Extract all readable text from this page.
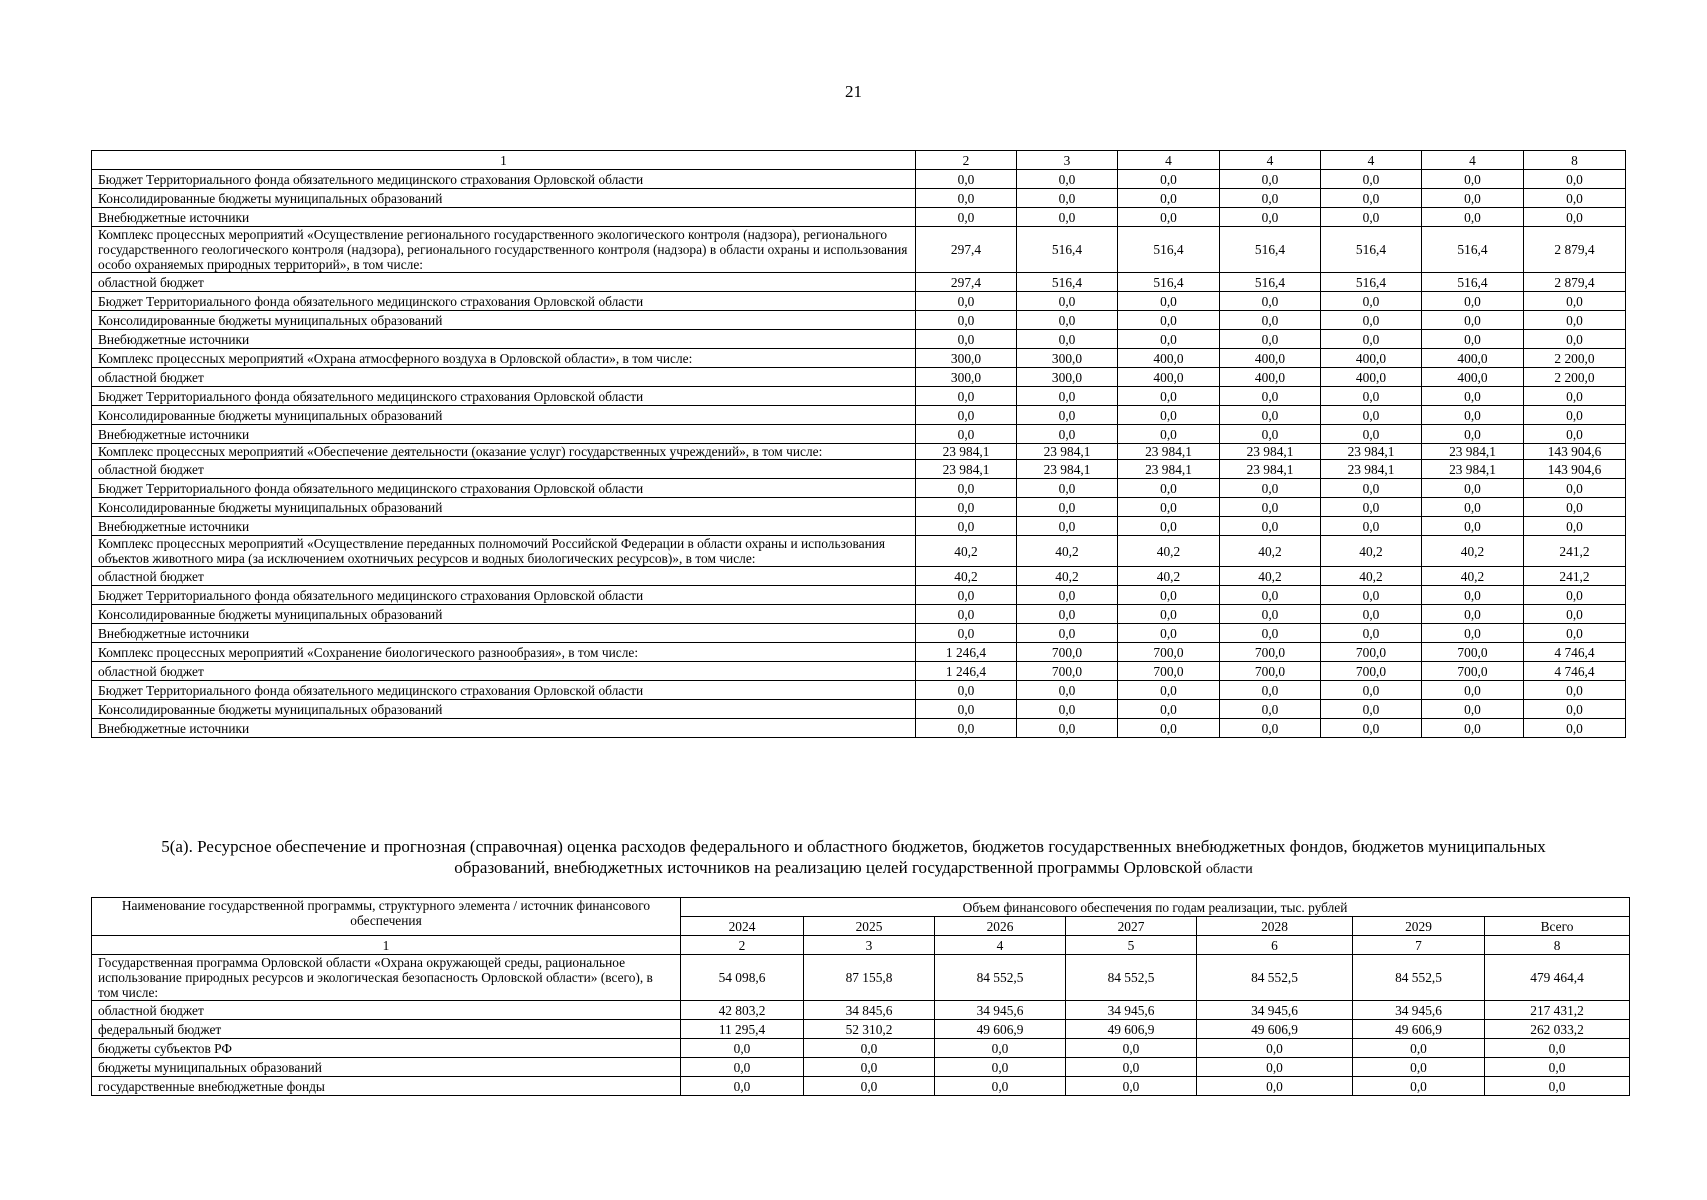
21
1	2	3	4	4	4	4	8
Бюджет Территориального фонда обязательного медицинского страхования Орловской области	0,0	0,0	0,0	0,0	0,0	0,0	0,0
Консолидированные бюджеты муниципальных образований	0,0	0,0	0,0	0,0	0,0	0,0	0,0
Внебюджетные источники	0,0	0,0	0,0	0,0	0,0	0,0	0,0
Комплекс процессных мероприятий «Осуществление регионального государственного экологического контроля (надзора), регионального государственного геологического контроля (надзора), регионального государственного контроля (надзора) в области охраны и использования особо охраняемых природных территорий», в том числе:	297,4	516,4	516,4	516,4	516,4	516,4	2 879,4
областной бюджет	297,4	516,4	516,4	516,4	516,4	516,4	2 879,4
Бюджет Территориального фонда обязательного медицинского страхования Орловской области	0,0	0,0	0,0	0,0	0,0	0,0	0,0
Консолидированные бюджеты муниципальных образований	0,0	0,0	0,0	0,0	0,0	0,0	0,0
Внебюджетные источники	0,0	0,0	0,0	0,0	0,0	0,0	0,0
Комплекс процессных мероприятий «Охрана атмосферного воздуха в Орловской области», в том числе:	300,0	300,0	400,0	400,0	400,0	400,0	2 200,0
областной бюджет	300,0	300,0	400,0	400,0	400,0	400,0	2 200,0
Бюджет Территориального фонда обязательного медицинского страхования Орловской области	0,0	0,0	0,0	0,0	0,0	0,0	0,0
Консолидированные бюджеты муниципальных образований	0,0	0,0	0,0	0,0	0,0	0,0	0,0
Внебюджетные источники	0,0	0,0	0,0	0,0	0,0	0,0	0,0
Комплекс процессных мероприятий «Обеспечение деятельности (оказание услуг) государственных учреждений», в том числе:	23 984,1	23 984,1	23 984,1	23 984,1	23 984,1	23 984,1	143 904,6
областной бюджет	23 984,1	23 984,1	23 984,1	23 984,1	23 984,1	23 984,1	143 904,6
Бюджет Территориального фонда обязательного медицинского страхования Орловской области	0,0	0,0	0,0	0,0	0,0	0,0	0,0
Консолидированные бюджеты муниципальных образований	0,0	0,0	0,0	0,0	0,0	0,0	0,0
Внебюджетные источники	0,0	0,0	0,0	0,0	0,0	0,0	0,0
Комплекс процессных мероприятий «Осуществление переданных полномочий Российской Федерации в области охраны и использования объектов животного мира (за исключением охотничьих ресурсов и водных биологических ресурсов)», в том числе:	40,2	40,2	40,2	40,2	40,2	40,2	241,2
областной бюджет	40,2	40,2	40,2	40,2	40,2	40,2	241,2
Бюджет Территориального фонда обязательного медицинского страхования Орловской области	0,0	0,0	0,0	0,0	0,0	0,0	0,0
Консолидированные бюджеты муниципальных образований	0,0	0,0	0,0	0,0	0,0	0,0	0,0
Внебюджетные источники	0,0	0,0	0,0	0,0	0,0	0,0	0,0
Комплекс процессных мероприятий «Сохранение биологического разнообразия», в том числе:	1 246,4	700,0	700,0	700,0	700,0	700,0	4 746,4
областной бюджет	1 246,4	700,0	700,0	700,0	700,0	700,0	4 746,4
Бюджет Территориального фонда обязательного медицинского страхования Орловской области	0,0	0,0	0,0	0,0	0,0	0,0	0,0
Консолидированные бюджеты муниципальных образований	0,0	0,0	0,0	0,0	0,0	0,0	0,0
Внебюджетные источники	0,0	0,0	0,0	0,0	0,0	0,0	0,0
5(а). Ресурсное обеспечение и прогнозная (справочная) оценка расходов федерального и областного бюджетов, бюджетов государственных внебюджетных фондов, бюджетов муниципальных образований, внебюджетных источников на реализацию целей государственной программы Орловской области
Наименование государственной программы, структурного элемента / источник финансового обеспечения	Объем финансового обеспечения по годам реализации, тыс. рублей						
	2024	2025	2026	2027	2028	2029	Всего
1	2	3	4	5	6	7	8
Государственная программа Орловской области «Охрана окружающей среды, рациональное использование природных ресурсов и экологическая безопасность Орловской области» (всего), в том числе:	54 098,6	87 155,8	84 552,5	84 552,5	84 552,5	84 552,5	479 464,4
областной бюджет	42 803,2	34 845,6	34 945,6	34 945,6	34 945,6	34 945,6	217 431,2
федеральный бюджет	11 295,4	52 310,2	49 606,9	49 606,9	49 606,9	49 606,9	262 033,2
бюджеты субъектов РФ	0,0	0,0	0,0	0,0	0,0	0,0	0,0
бюджеты муниципальных образований	0,0	0,0	0,0	0,0	0,0	0,0	0,0
государственные внебюджетные фонды	0,0	0,0	0,0	0,0	0,0	0,0	0,0
